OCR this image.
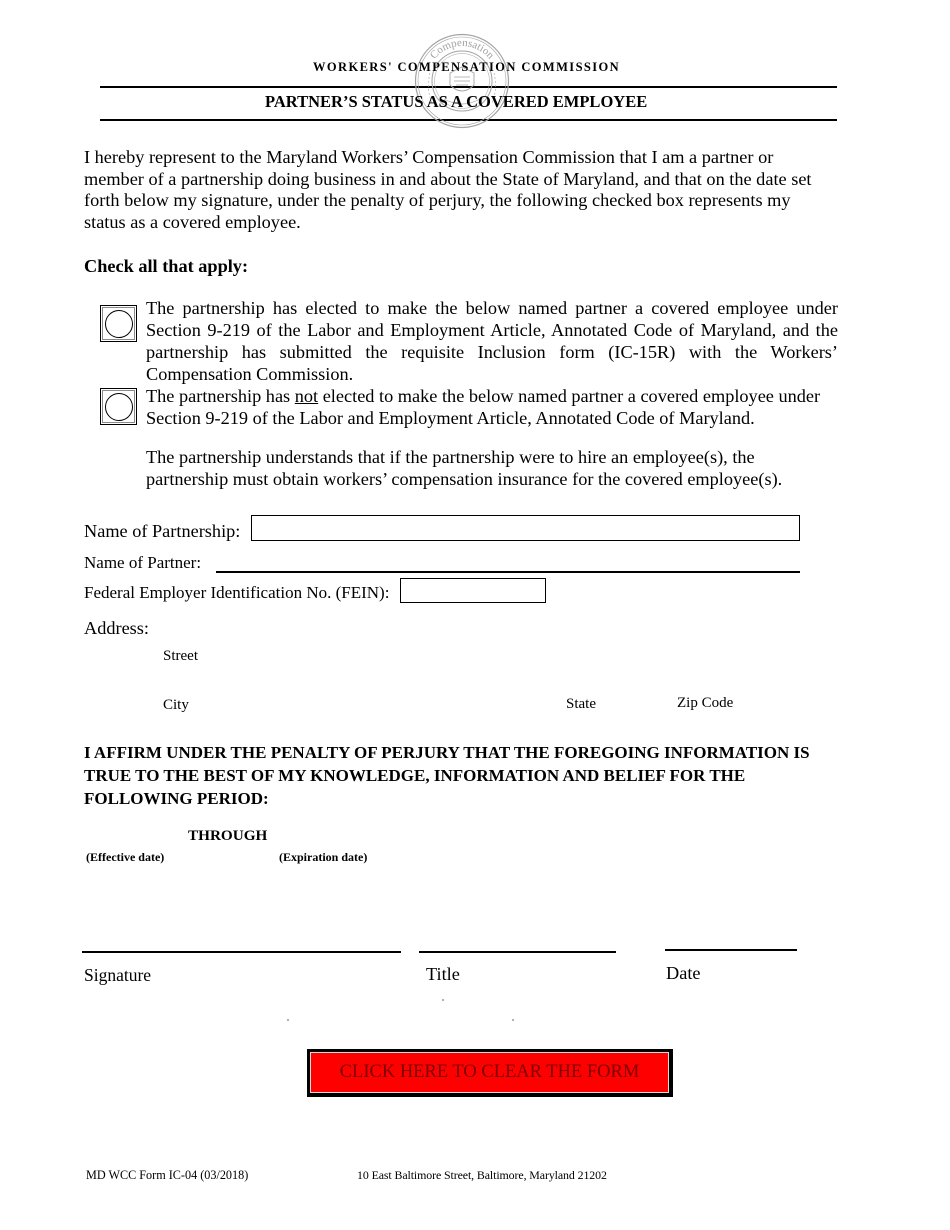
Compensation
WORKERS' COMPENSATION COMMISSION
PARTNER’S STATUS AS A COVERED EMPLOYEE

I hereby represent to the Maryland Workers’ Compensation Commission that I am a partner or member of a partnership doing business in and about the State of Maryland, and that on the date set forth below my signature, under the penalty of perjury, the following checked box represents my status as a covered employee.

Check all that apply:

The partnership has elected to make the below named partner a covered employee under Section 9-219 of the Labor and Employment Article, Annotated Code of Maryland, and the partnership has submitted the requisite Inclusion form (IC-15R) with the Workers’ Compensation Commission.

The partnership has not elected to make the below named partner a covered employee under Section 9-219 of the Labor and Employment Article, Annotated Code of Maryland.

The partnership understands that if the partnership were to hire an employee(s), the partnership must obtain workers’ compensation insurance for the covered employee(s).

Name of Partnership:
Name of Partner:
Federal Employer Identification No. (FEIN):
Address:
Street
City	State	Zip Code

I AFFIRM UNDER THE PENALTY OF PERJURY THAT THE FOREGOING INFORMATION IS TRUE TO THE BEST OF MY KNOWLEDGE, INFORMATION AND BELIEF FOR THE FOLLOWING PERIOD:

THROUGH
(Effective date)	(Expiration date)
Signature	Title	Date
CLICK HERE TO CLEAR THE FORM
MD WCC Form IC-04 (03/2018)	10 East Baltimore Street, Baltimore, Maryland 21202
